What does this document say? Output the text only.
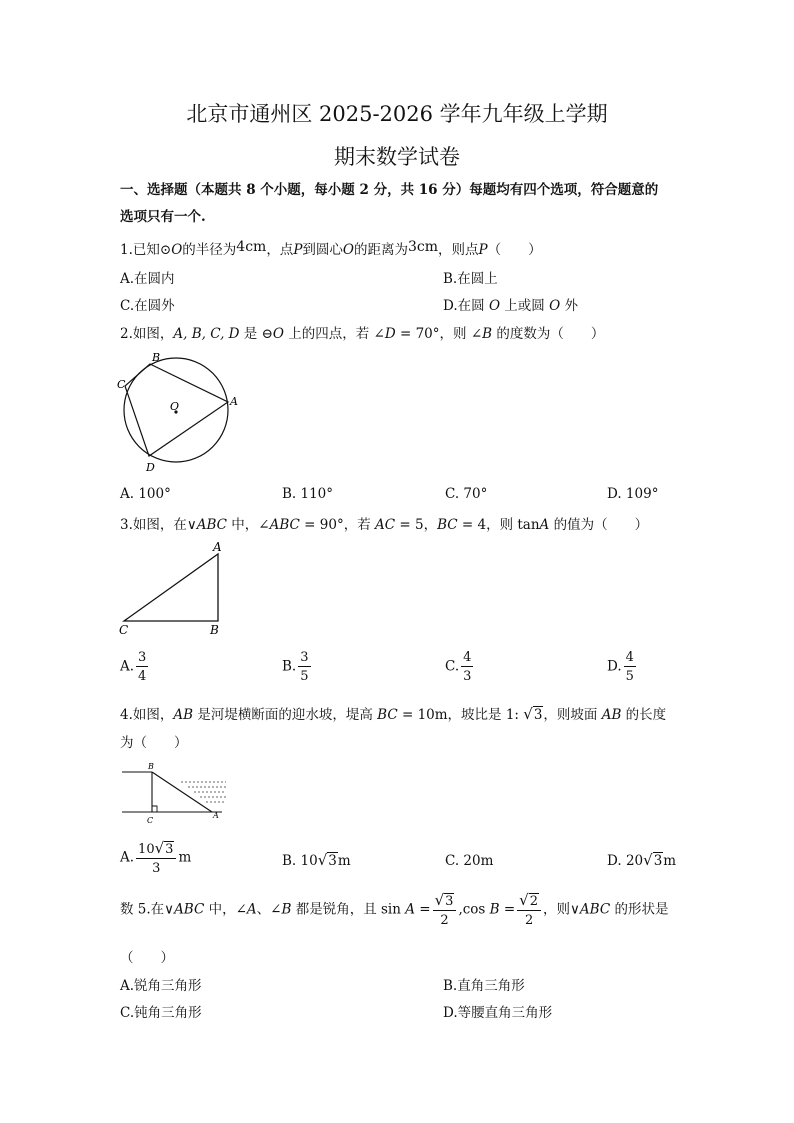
北京市通州区 2025-2026 学年九年级上学期
期末数学试卷
一、选择题（本题共 8 个小题，每小题 2 分，共 16 分）每题均有四个选项，符合题意的
选项只有一个.
1.已知⊙O的半径为4cm，点P到圆心O的距离为3cm，则点P（　　）
A.在圆内	B.在圆上
C.在圆外	D.在圆 O 上或圆 O 外
2.如图，A, B, C, D 是 ⊖O 上的四点，若 ∠D = 70°，则 ∠B 的度数为（　　）
O	A
B
C
D
A. 100°	B. 110°	C. 70°	D. 109°
3.如图，在∨ABC 中，∠ABC = 90°，若 AC = 5，BC = 4，则 tanA 的值为（　　）
A
B
C
A. $\frac{3}{4}$	B. $\frac{3}{5}$	C. $\frac{4}{3}$	D. $\frac{4}{5}$
4.如图，AB 是河堤横断面的迎水坡，堤高 BC = 10m，坡比是 1: √3，则坡面 AB 的长度
为（　　）
B
C
A
A. $\frac{10√3}{3}$ m	B. 10√3m	C. 20m	D. 20√3m
数 5.在∨ABC 中，∠A、∠B 都是锐角，且 $\sin A = \frac{√3}{2} ,\cos$ $B = \frac{√2}{2}$ ，则∨ABC 的形状是
（　　）
A.锐角三角形	B.直角三角形
C.钝角三角形	D.等腰直角三角形
